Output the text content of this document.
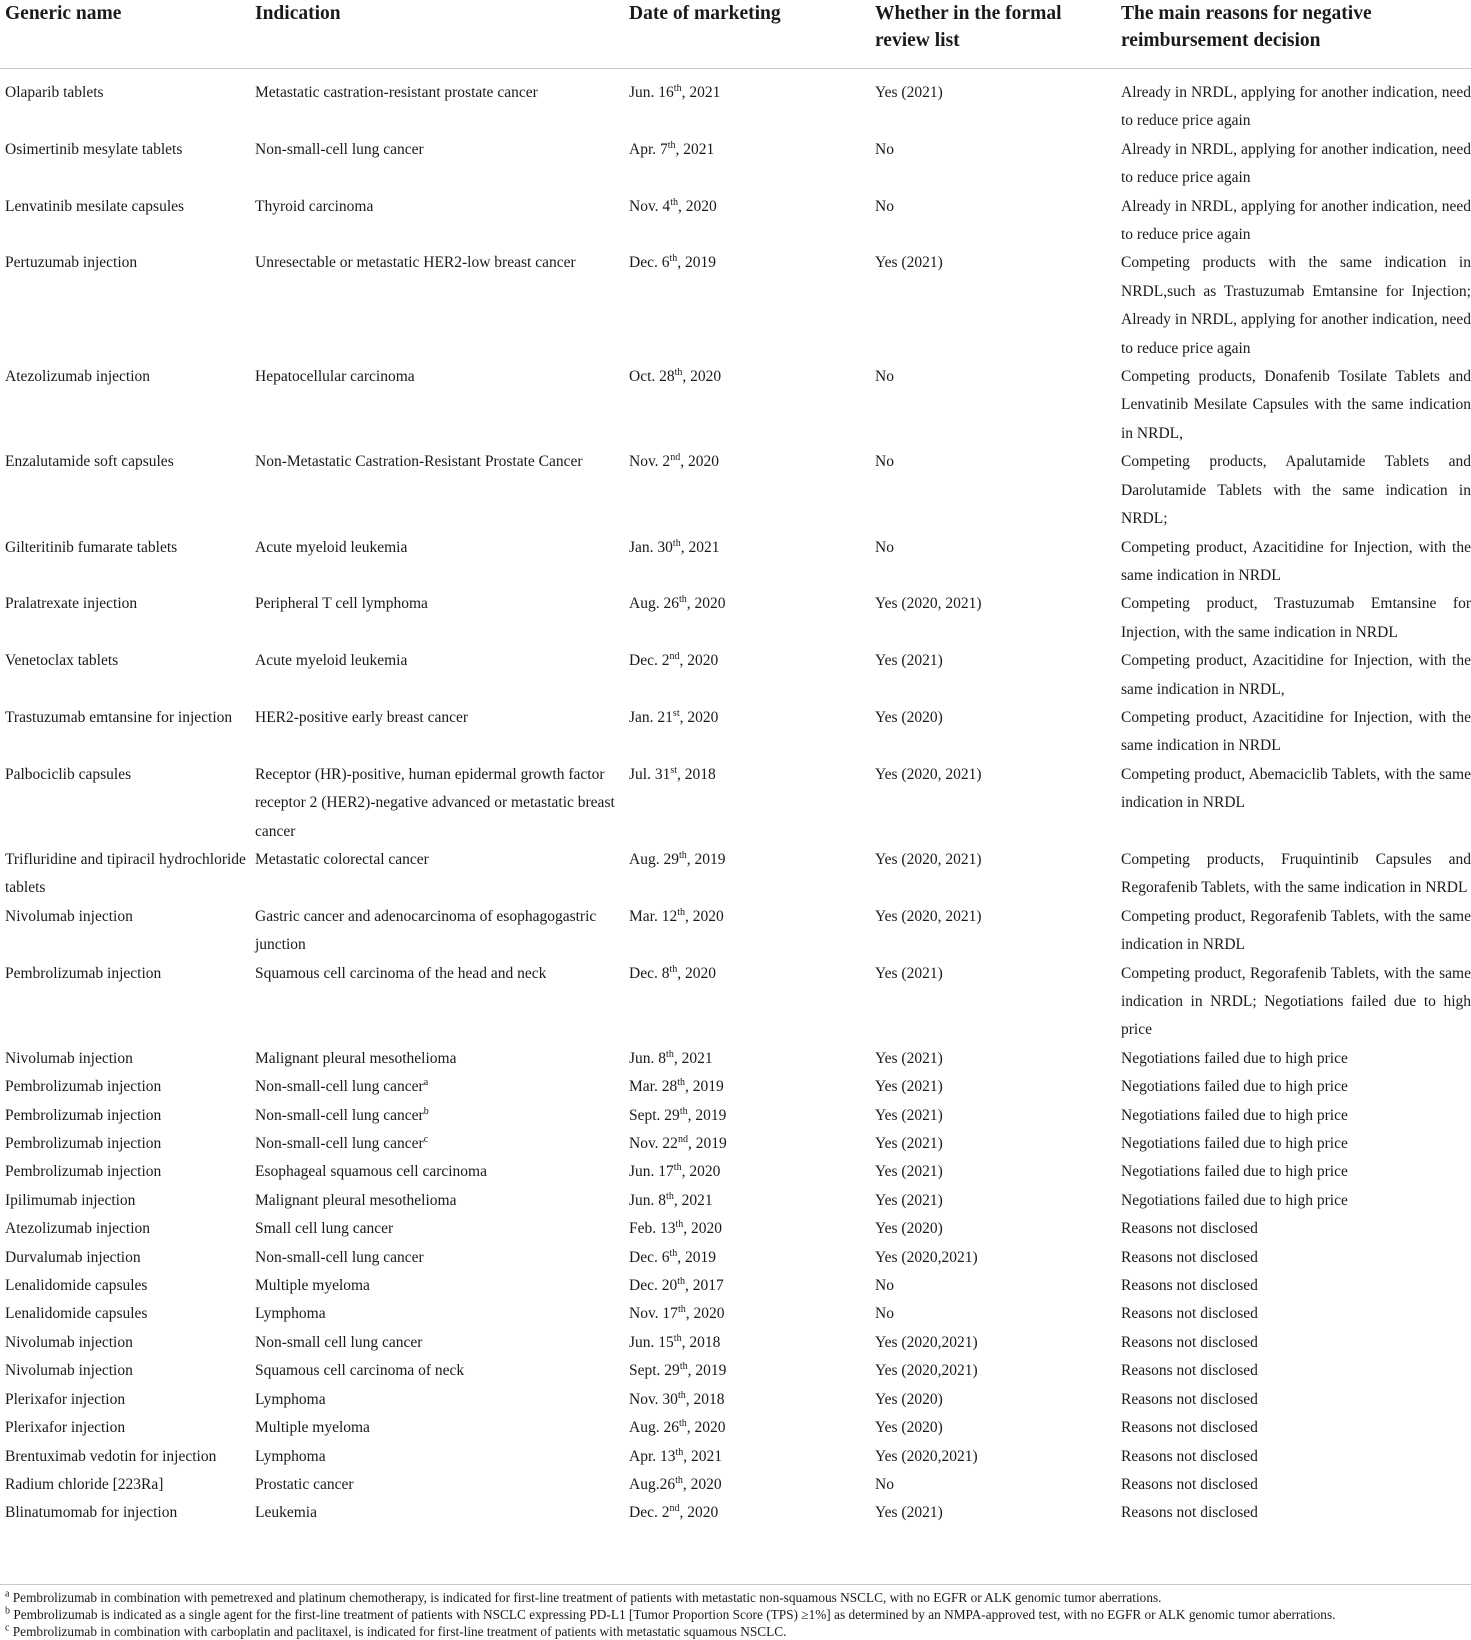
Generic name	Indication	Date of marketing	Whether in the formal review list	The main reasons for negative reimbursement decision
Olaparib tablets	Metastatic castration-resistant prostate cancer	Jun. 16th, 2021	Yes (2021)	Already in NRDL, applying for another indication, need to reduce price again
Osimertinib mesylate tablets	Non-small-cell lung cancer	Apr. 7th, 2021	No	Already in NRDL, applying for another indication, need to reduce price again
Lenvatinib mesilate capsules	Thyroid carcinoma	Nov. 4th, 2020	No	Already in NRDL, applying for another indication, need to reduce price again
Pertuzumab injection	Unresectable or metastatic HER2-low breast cancer	Dec. 6th, 2019	Yes (2021)	Competing products with the same indication in NRDL,such as Trastuzumab Emtansine for Injection; Already in NRDL, applying for another indication, need to reduce price again
Atezolizumab injection	Hepatocellular carcinoma	Oct. 28th, 2020	No	Competing products, Donafenib Tosilate Tablets and Lenvatinib Mesilate Capsules with the same indication in NRDL,
Enzalutamide soft capsules	Non-Metastatic Castration-Resistant Prostate Cancer	Nov. 2nd, 2020	No	Competing products, Apalutamide Tablets and Darolutamide Tablets with the same indication in NRDL;
Gilteritinib fumarate tablets	Acute myeloid leukemia	Jan. 30th, 2021	No	Competing product, Azacitidine for Injection, with the same indication in NRDL
Pralatrexate injection	Peripheral T cell lymphoma	Aug. 26th, 2020	Yes (2020, 2021)	Competing product, Trastuzumab Emtansine for Injection, with the same indication in NRDL
Venetoclax tablets	Acute myeloid leukemia	Dec. 2nd, 2020	Yes (2021)	Competing product, Azacitidine for Injection, with the same indication in NRDL,
Trastuzumab emtansine for injection	HER2-positive early breast cancer	Jan. 21st, 2020	Yes (2020)	Competing product, Azacitidine for Injection, with the same indication in NRDL
Palbociclib capsules	Receptor (HR)-positive, human epidermal growth factor receptor 2 (HER2)-negative advanced or metastatic breast cancer	Jul. 31st, 2018	Yes (2020, 2021)	Competing product, Abemaciclib Tablets, with the same indication in NRDL
Trifluridine and tipiracil hydrochloride tablets	Metastatic colorectal cancer	Aug. 29th, 2019	Yes (2020, 2021)	Competing products, Fruquintinib Capsules and Regorafenib Tablets, with the same indication in NRDL
Nivolumab injection	Gastric cancer and adenocarcinoma of esophagogastric junction	Mar. 12th, 2020	Yes (2020, 2021)	Competing product, Regorafenib Tablets, with the same indication in NRDL
Pembrolizumab injection	Squamous cell carcinoma of the head and neck	Dec. 8th, 2020	Yes (2021)	Competing product, Regorafenib Tablets, with the same indication in NRDL; Negotiations failed due to high price
Nivolumab injection	Malignant pleural mesothelioma	Jun. 8th, 2021	Yes (2021)	Negotiations failed due to high price
Pembrolizumab injection	Non-small-cell lung cancer$^a$	Mar. 28th, 2019	Yes (2021)	Negotiations failed due to high price
Pembrolizumab injection	Non-small-cell lung cancer$^b$	Sept. 29th, 2019	Yes (2021)	Negotiations failed due to high price
Pembrolizumab injection	Non-small-cell lung cancer$^c$	Nov. 22nd, 2019	Yes (2021)	Negotiations failed due to high price
Pembrolizumab injection	Esophageal squamous cell carcinoma	Jun. 17th, 2020	Yes (2021)	Negotiations failed due to high price
Ipilimumab injection	Malignant pleural mesothelioma	Jun. 8th, 2021	Yes (2021)	Negotiations failed due to high price
Atezolizumab injection	Small cell lung cancer	Feb. 13th, 2020	Yes (2020)	Reasons not disclosed
Durvalumab injection	Non-small-cell lung cancer	Dec. 6th, 2019	Yes (2020,2021)	Reasons not disclosed
Lenalidomide capsules	Multiple myeloma	Dec. 20th, 2017	No	Reasons not disclosed
Lenalidomide capsules	Lymphoma	Nov. 17th, 2020	No	Reasons not disclosed
Nivolumab injection	Non-small cell lung cancer	Jun. 15th, 2018	Yes (2020,2021)	Reasons not disclosed
Nivolumab injection	Squamous cell carcinoma of neck	Sept. 29th, 2019	Yes (2020,2021)	Reasons not disclosed
Plerixafor injection	Lymphoma	Nov. 30th, 2018	Yes (2020)	Reasons not disclosed
Plerixafor injection	Multiple myeloma	Aug. 26th, 2020	Yes (2020)	Reasons not disclosed
Brentuximab vedotin for injection	Lymphoma	Apr. 13th, 2021	Yes (2020,2021)	Reasons not disclosed
Radium chloride [223Ra]	Prostatic cancer	Aug.26th, 2020	No	Reasons not disclosed
Blinatumomab for injection	Leukemia	Dec. 2nd, 2020	Yes (2021)	Reasons not disclosed
$^a$ Pembrolizumab in combination with pemetrexed and platinum chemotherapy, is indicated for first-line treatment of patients with metastatic non-squamous NSCLC, with no EGFR or ALK genomic tumor aberrations.
$^b$ Pembrolizumab is indicated as a single agent for the first-line treatment of patients with NSCLC expressing PD-L1 [Tumor Proportion Score (TPS) ≥1%] as determined by an NMPA-approved test, with no EGFR or ALK genomic tumor aberrations.
$^c$ Pembrolizumab in combination with carboplatin and paclitaxel, is indicated for first-line treatment of patients with metastatic squamous NSCLC.
